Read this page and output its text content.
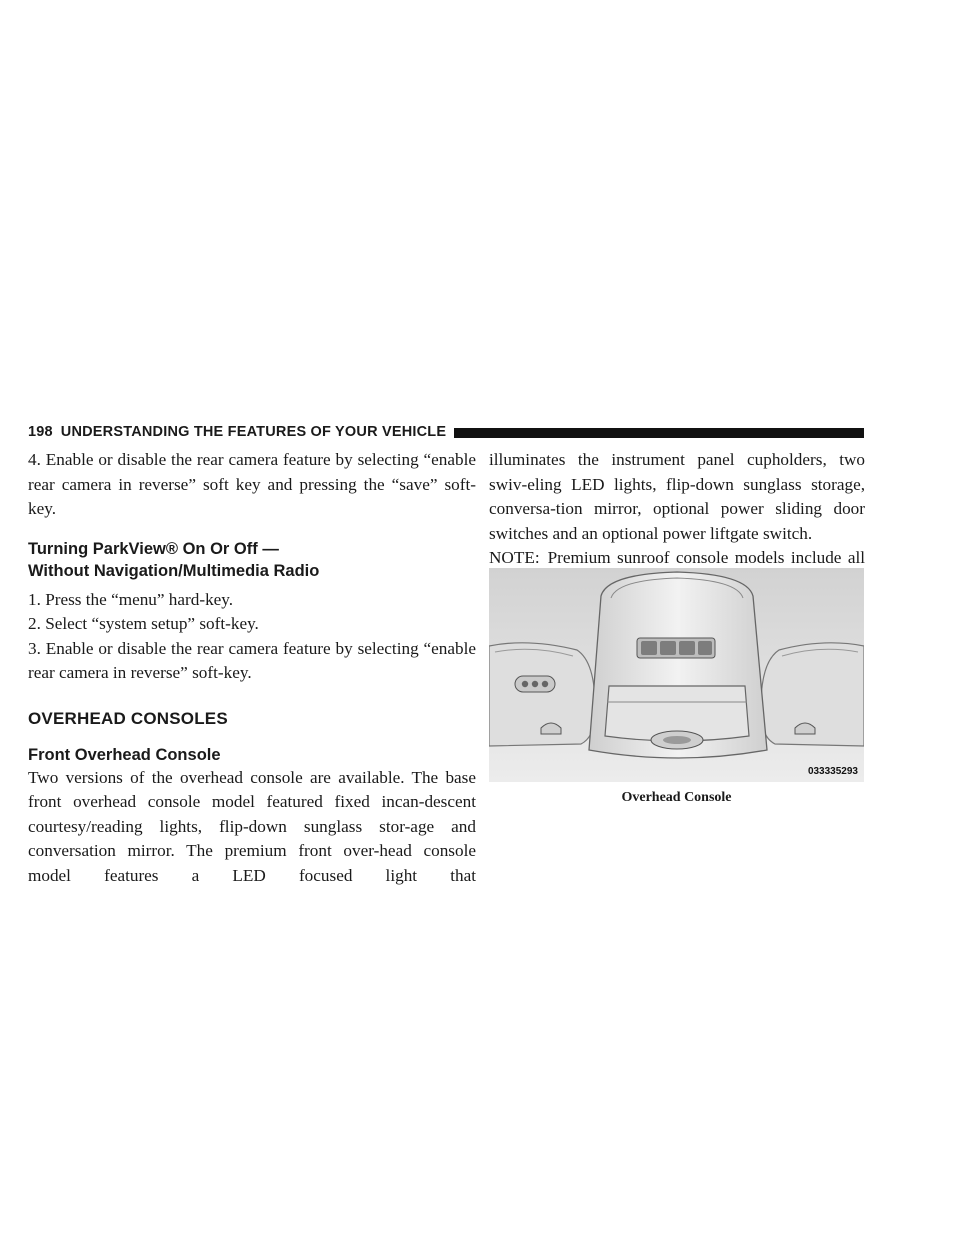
198 UNDERSTANDING THE FEATURES OF YOUR VEHICLE

4. Enable or disable the rear camera feature by selecting “enable rear camera in reverse” soft key and pressing the “save” soft-key.

Turning ParkView® On Or Off —
Without Navigation/Multimedia Radio

1. Press the “menu” hard-key.

2. Select “system setup” soft-key.

3. Enable or disable the rear camera feature by selecting “enable rear camera in reverse” soft-key.

OVERHEAD CONSOLES
Front Overhead Console

Two versions of the overhead console are available. The base front overhead console model featured fixed incan-descent courtesy/reading lights, flip-down sunglass stor-age and conversation mirror. The premium front over-head console model features a LED focused light that

illuminates the instrument panel cupholders, two swiv-eling LED lights, flip-down sunglass storage, conversa-tion mirror, optional power sliding door switches and an optional power liftgate switch.

NOTE: Premium sunroof console models include all

033335293
Overhead Console
